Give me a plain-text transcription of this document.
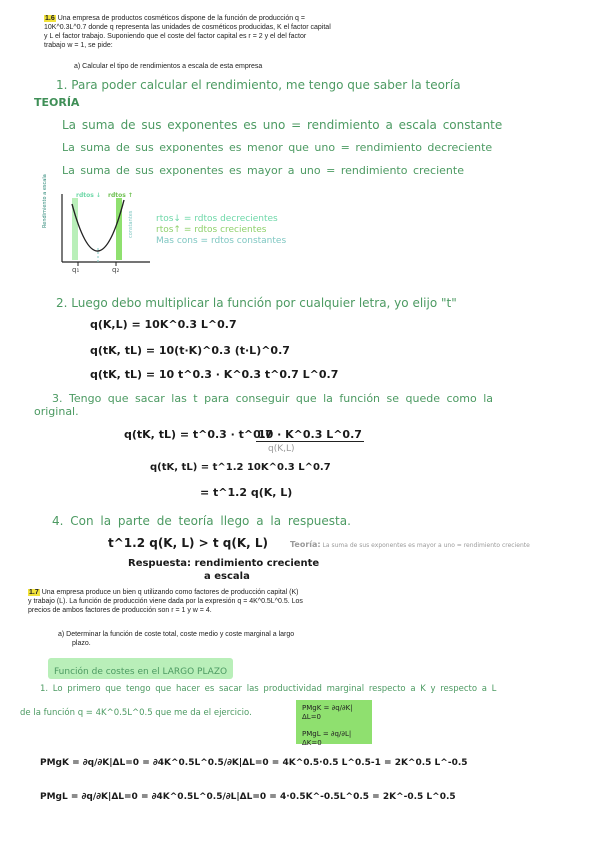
1.6 Una empresa de productos cosméticos dispone de la función de producción q =
10K^0.3L^0.7 donde q representa las unidades de cosméticos producidas, K el factor capital
y L el factor trabajo. Suponiendo que el coste del factor capital es r = 2 y el del factor
trabajo w = 1, se pide:
a) Calcular el tipo de rendimientos a escala de esta empresa
1. Para poder calcular el rendimiento, me tengo que saber la teoría
TEORÍA
La suma de sus exponentes es uno = rendimiento a escala constante
La suma de sus exponentes es menor que uno = rendimiento decreciente
La suma de sus exponentes es mayor a uno = rendimiento creciente
Rendimiento a escala	rdtos ↓ rdtos ↑
constantes
q₁	q₂
rtos↓ = rdtos decrecientes
rtos↑ = rdtos crecientes
Mas cons = rdtos constantes
2. Luego debo multiplicar la función por cualquier letra, yo elijo "t"
q(K,L) = 10K^0.3 L^0.7
q(tK, tL) = 10(t·K)^0.3 (t·L)^0.7
q(tK, tL) = 10 t^0.3 · K^0.3 t^0.7 L^0.7
3. Tengo que sacar las t para conseguir que la función se quede como la
original.
q(tK, tL) = t^0.3 · t^0.7
10 · K^0.3 L^0.7
q(K,L)
q(tK, tL) = t^1.2 10K^0.3 L^0.7
= t^1.2 q(K, L)
4. Con la parte de teoría llego a la respuesta.
t^1.2 q(K, L) > t q(K, L)	Teoría: La suma de sus exponentes es mayor a uno = rendimiento creciente
Respuesta: rendimiento creciente
a escala
1.7 Una empresa produce un bien q utilizando como factores de producción capital (K)
y trabajo (L). La función de producción viene dada por la expresión q = 4K^0.5L^0.5. Los
precios de ambos factores de producción son r = 1 y w = 4.
a) Determinar la función de coste total, coste medio y coste marginal a largo
plazo.
Función de costes en el LARGO PLAZO
1. Lo primero que tengo que hacer es sacar las productividad marginal respecto a K y respecto a L
de la función q = 4K^0.5L^0.5 que me da el ejercicio.	PMgK = ∂q/∂K|ΔL=0
PMgL = ∂q/∂L|ΔK=0
PMgK = ∂q/∂K|ΔL=0 = ∂4K^0.5L^0.5/∂K|ΔL=0 = 4K^0.5·0.5 L^0.5-1 = 2K^0.5 L^-0.5
PMgL = ∂q/∂K|ΔL=0 = ∂4K^0.5L^0.5/∂L|ΔL=0 = 4·0.5K^-0.5L^0.5 = 2K^-0.5 L^0.5
